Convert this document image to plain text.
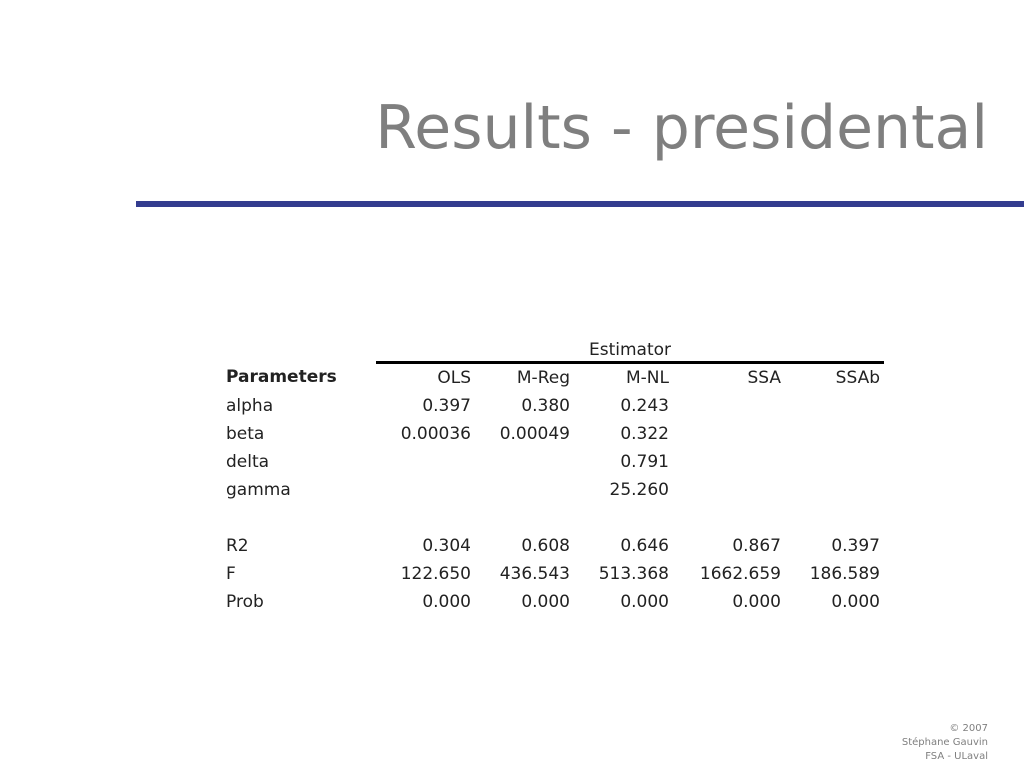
Results - presidental
	Estimator				
Parameters	OLS	M-Reg	M-NL	SSA	SSAb
alpha	0.397	0.380	0.243		
beta	0.00036	0.00049	0.322		
delta			0.791		
gamma			25.260		

R2	0.304	0.608	0.646	0.867	0.397
F	122.650	436.543	513.368	1662.659	186.589
Prob	0.000	0.000	0.000	0.000	0.000
© 2007
Stéphane Gauvin
FSA - ULaval
